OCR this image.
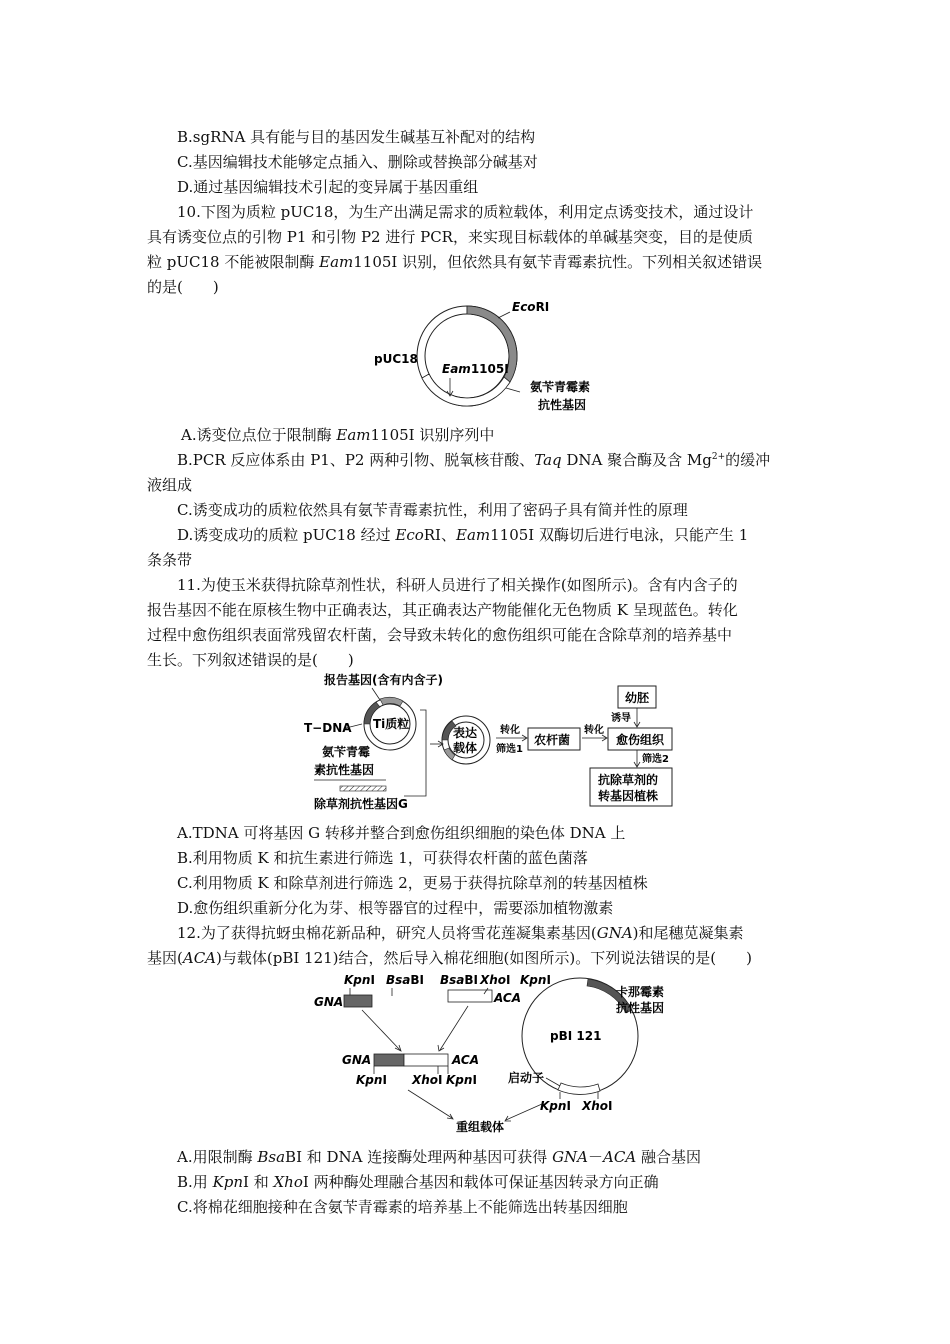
B.sgRNA 具有能与目的基因发生碱基互补配对的结构
C.基因编辑技术能够定点插入、删除或替换部分碱基对
D.通过基因编辑技术引起的变异属于基因重组
10.下图为质粒 pUC18，为生产出满足需求的质粒载体，利用定点诱变技术，通过设计
具有诱变位点的引物 P1 和引物 P2 进行 PCR，来实现目标载体的单碱基突变，目的是使质
粒 pUC18 不能被限制酶 Eam1105Ⅰ 识别，但依然具有氨苄青霉素抗性。下列相关叙述错误
的是(　　)
EcoRⅠ
pUC18
Eam1105Ⅰ
氨苄青霉素
抗性基因
A.诱变位点位于限制酶 Eam1105Ⅰ 识别序列中
B.PCR 反应体系由 P1、P2 两种引物、脱氧核苷酸、Taq DNA 聚合酶及含 $Mg^{2+}$的缓冲
液组成
C.诱变成功的质粒依然具有氨苄青霉素抗性，利用了密码子具有简并性的原理
D.诱变成功的质粒 pUC18 经过 EcoRⅠ、Eam1105Ⅰ 双酶切后进行电泳，只能产生 1
条条带
11.为使玉米获得抗除草剂性状，科研人员进行了相关操作(如图所示)。含有内含子的
报告基因不能在原核生物中正确表达，其正确表达产物能催化无色物质 K 呈现蓝色。转化
过程中愈伤组织表面常残留农杆菌，会导致未转化的愈伤组织可能在含除草剂的培养基中
生长。下列叙述错误的是(　　)
报告基因(含有内含子)
Ti质粒
T−DNA
氨苄青霉
素抗性基因
除草剂抗性基因G
表达
载体
转化
筛选1
农杆菌
转化
幼胚
诱导
愈伤组织
筛选2
抗除草剂的
转基因植株
A.TDNA 可将基因 G 转移并整合到愈伤组织细胞的染色体 DNA 上
B.利用物质 K 和抗生素进行筛选 1，可获得农杆菌的蓝色菌落
C.利用物质 K 和除草剂进行筛选 2，更易于获得抗除草剂的转基因植株
D.愈伤组织重新分化为芽、根等器官的过程中，需要添加植物激素
12.为了获得抗蚜虫棉花新品种，研究人员将雪花莲凝集素基因(GNA)和尾穗苋凝集素
基因(ACA)与载体(pBI 121)结合，然后导入棉花细胞(如图所示)。下列说法错误的是(　　)
KpnⅠ BsaBⅠ
GNA
BsaBⅠ XhoⅠ KpnⅠ
ACA
GNA	ACA
KpnⅠ XhoⅠ KpnⅠ
卡那霉素
抗性基因
pBI 121
启动子
KpnⅠ XhoⅠ
重组载体
A.用限制酶 BsaBⅠ 和 DNA 连接酶处理两种基因可获得 GNA－ACA 融合基因
B.用 KpnⅠ 和 XhoⅠ 两种酶处理融合基因和载体可保证基因转录方向正确
C.将棉花细胞接种在含氨苄青霉素的培养基上不能筛选出转基因细胞
